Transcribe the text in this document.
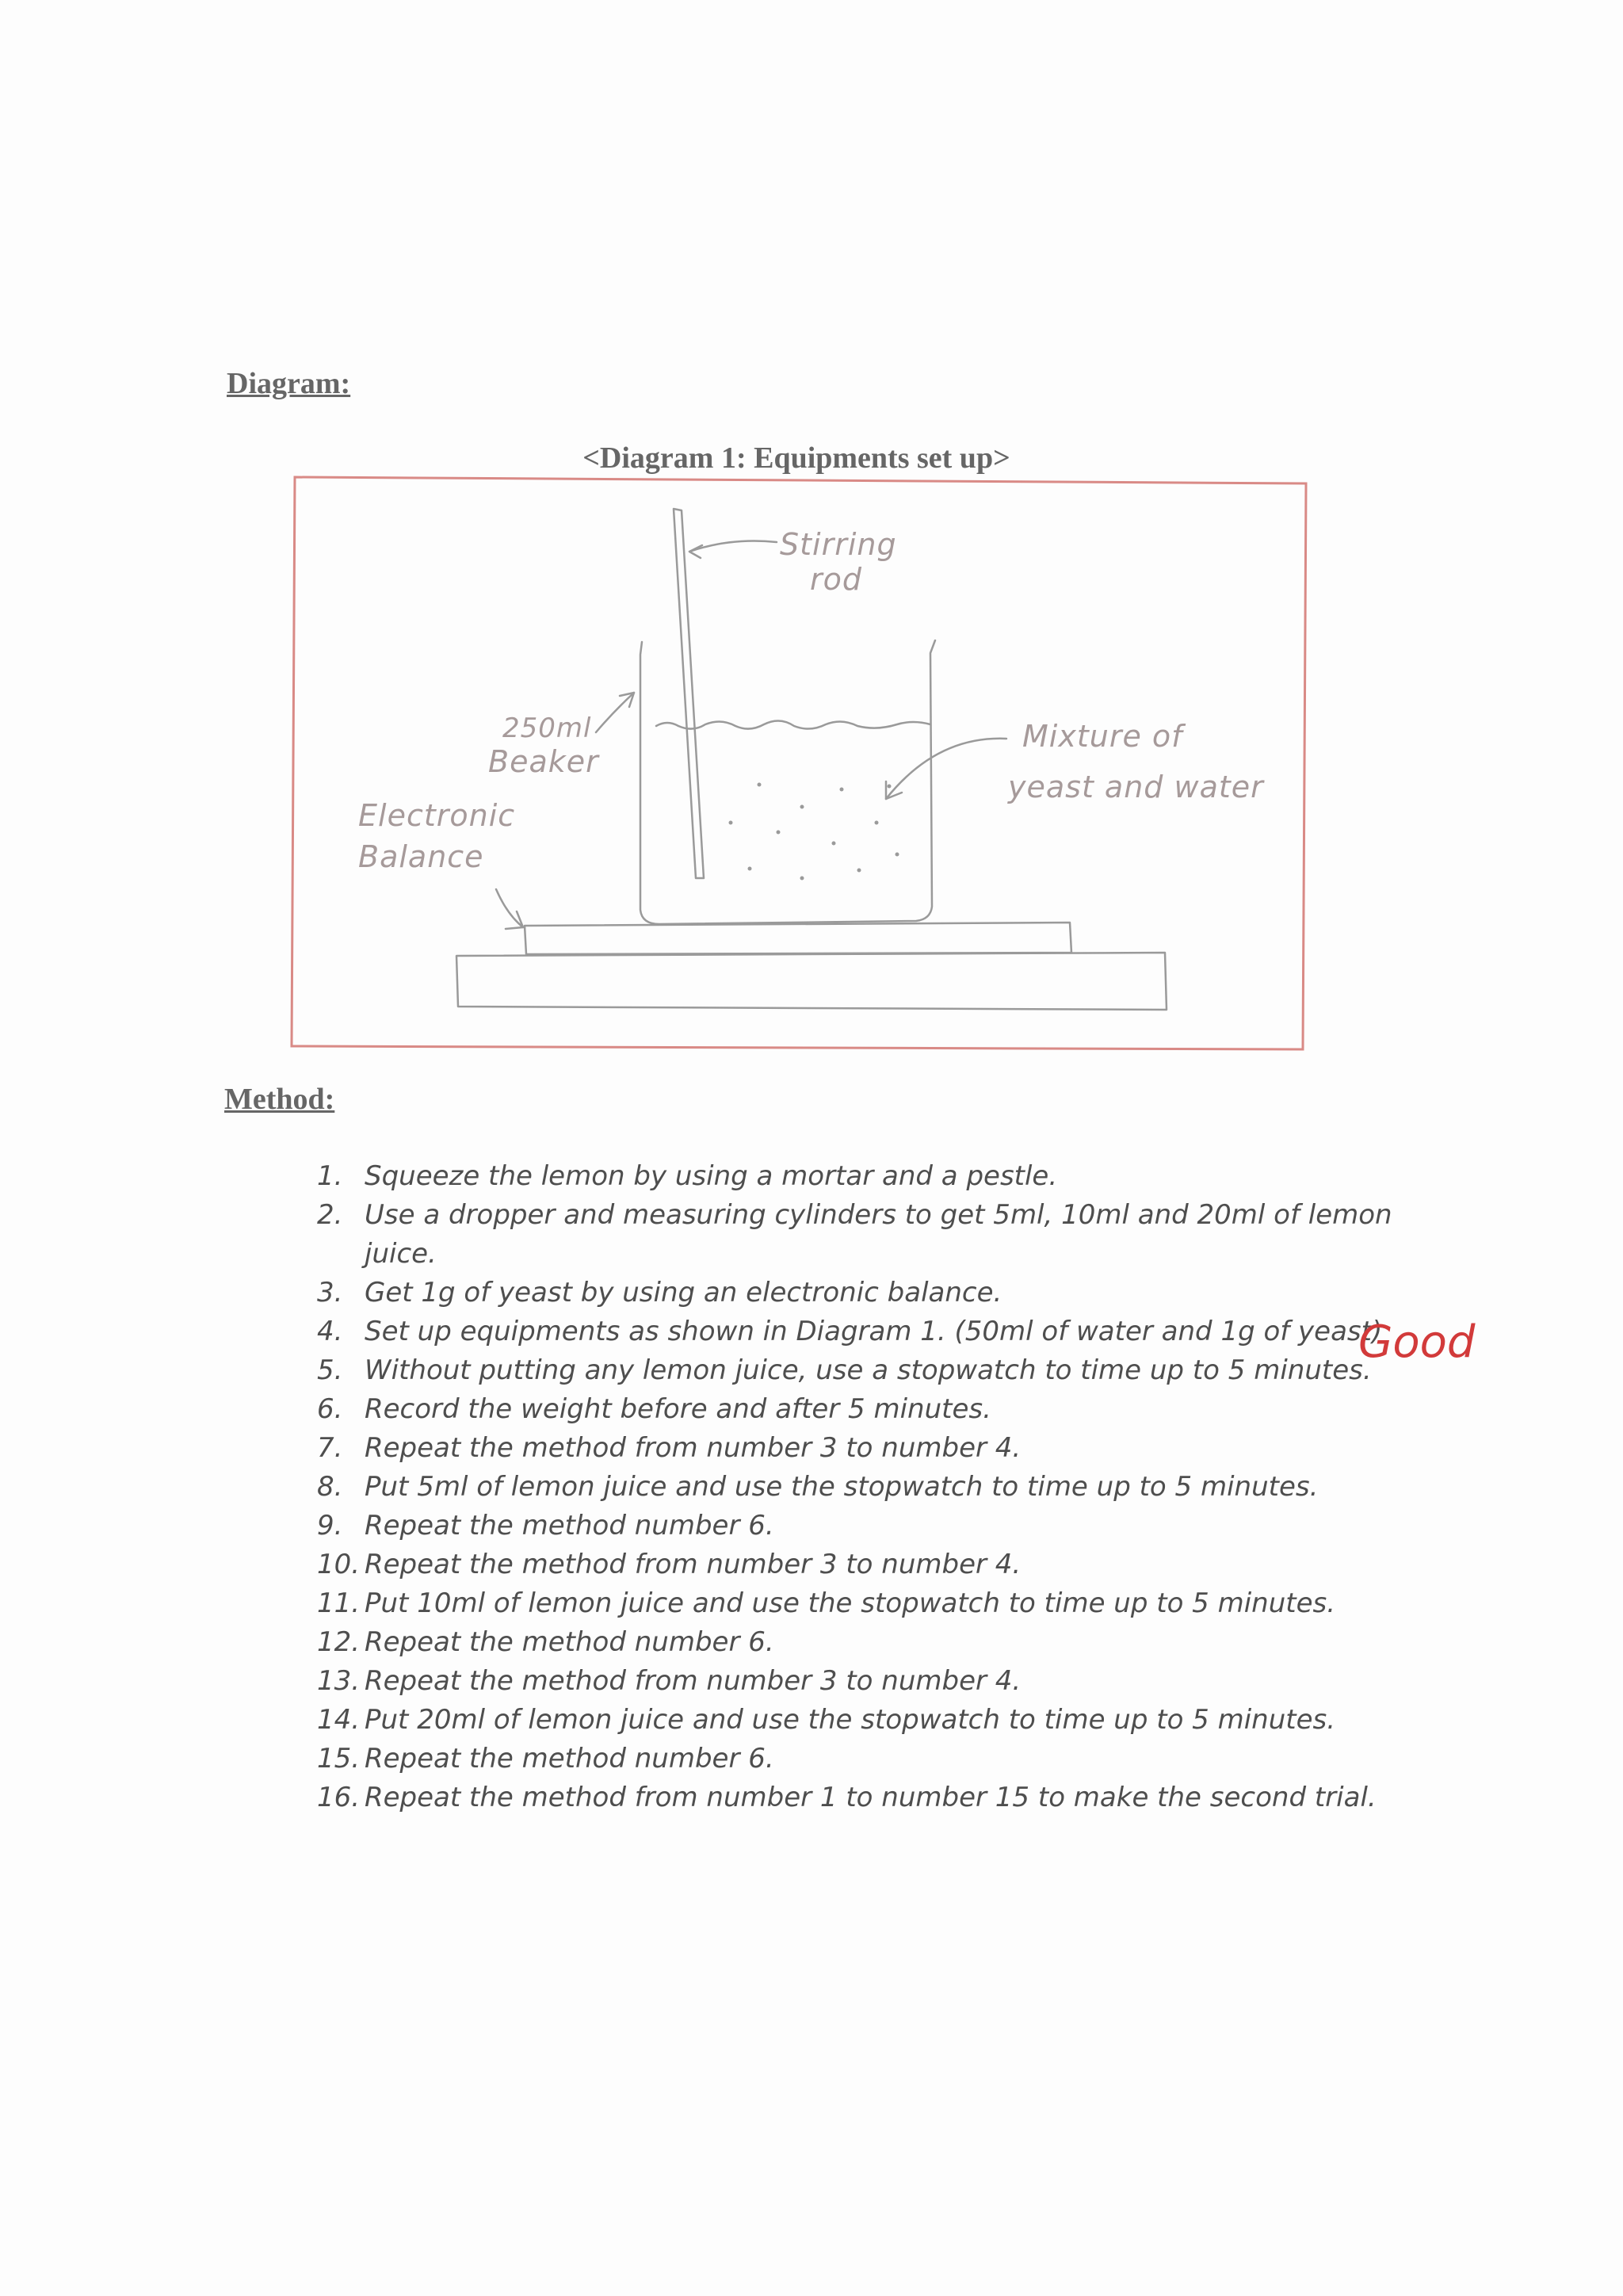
Diagram:
<Diagram 1: Equipments set up>
Stirring
rod
250ml
Beaker
Electronic
Balance
Mixture of
yeast and water
Method:
1. Squeeze the lemon by using a mortar and a pestle.
2. Use a dropper and measuring cylinders to get 5ml, 10ml and 20ml of lemon juice.
3. Get 1g of yeast by using an electronic balance.
4. Set up equipments as shown in Diagram 1. (50ml of water and 1g of yeast)
5. Without putting any lemon juice, use a stopwatch to time up to 5 minutes.
6. Record the weight before and after 5 minutes.
7. Repeat the method from number 3 to number 4.
8. Put 5ml of lemon juice and use the stopwatch to time up to 5 minutes.
9. Repeat the method number 6.
10. Repeat the method from number 3 to number 4.
11. Put 10ml of lemon juice and use the stopwatch to time up to 5 minutes.
12. Repeat the method number 6.
13. Repeat the method from number 3 to number 4.
14. Put 20ml of lemon juice and use the stopwatch to time up to 5 minutes.
15. Repeat the method number 6.
16. Repeat the method from number 1 to number 15 to make the second trial.
Good
